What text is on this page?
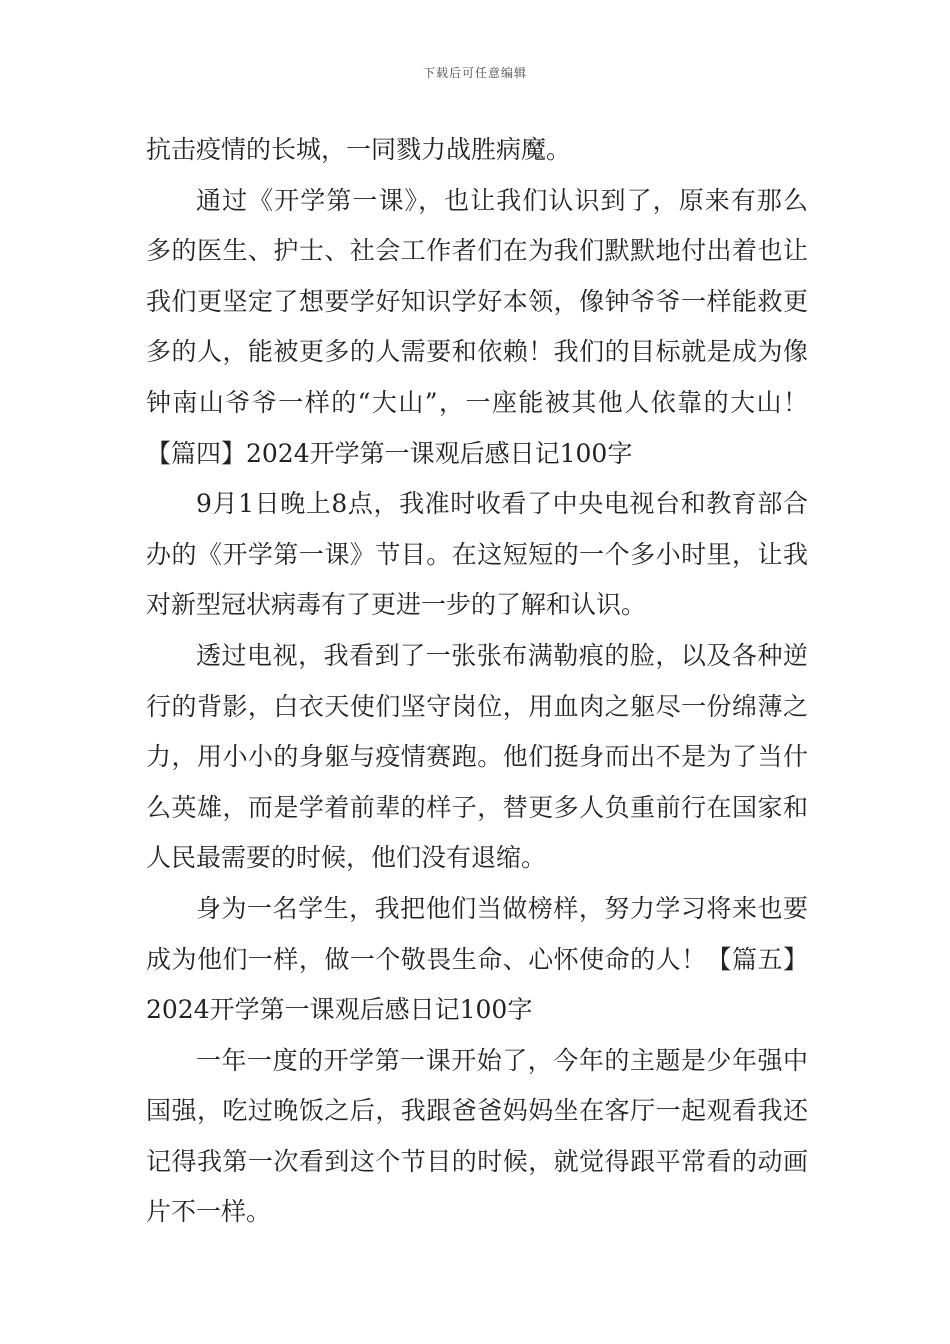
下载后可任意编辑

抗击疫情的长城，一同戮力战胜病魔。

通过《开学第一课》，也让我们认识到了，原来有那么多的医生、护士、社会工作者们在为我们默默地付出着也让我们更坚定了想要学好知识学好本领，像钟爷爷一样能救更多的人，能被更多的人需要和依赖！我们的目标就是成为像钟南山爷爷一样的“大山”，一座能被其他人依靠的大山！【篇四】2024开学第一课观后感日记100字

9月1日晚上8点，我准时收看了中央电视台和教育部合办的《开学第一课》节目。在这短短的一个多小时里，让我对新型冠状病毒有了更进一步的了解和认识。

透过电视，我看到了一张张布满勒痕的脸，以及各种逆行的背影，白衣天使们坚守岗位，用血肉之躯尽一份绵薄之力，用小小的身躯与疫情赛跑。他们挺身而出不是为了当什么英雄，而是学着前辈的样子，替更多人负重前行在国家和人民最需要的时候，他们没有退缩。

身为一名学生，我把他们当做榜样，努力学习将来也要成为他们一样，做一个敬畏生命、心怀使命的人！【篇五】2024开学第一课观后感日记100字

一年一度的开学第一课开始了，今年的主题是少年强中国强，吃过晚饭之后，我跟爸爸妈妈坐在客厅一起观看我还记得我第一次看到这个节目的时候，就觉得跟平常看的动画片不一样。
